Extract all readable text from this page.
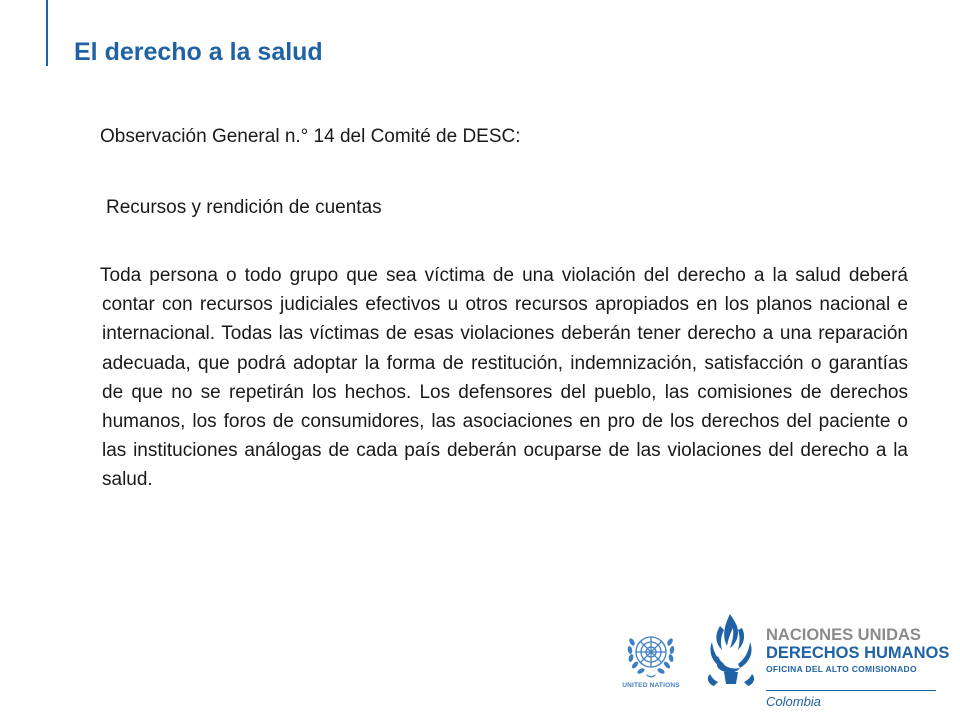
El derecho a la salud

Observación General n.° 14 del Comité de DESC:

Recursos y rendición de cuentas

Toda persona o todo grupo que sea víctima de una violación del derecho a la salud deberá contar con recursos judiciales efectivos u otros recursos apropiados en los planos nacional e internacional. Todas las víctimas de esas violaciones deberán tener derecho a una reparación adecuada, que podrá adoptar la forma de restitución, indemnización, satisfacción o garantías de que no se repetirán los hechos. Los defensores del pueblo, las comisiones de derechos humanos, los foros de consumidores, las asociaciones en pro de los derechos del paciente o las instituciones análogas de cada país deberán ocuparse de las violaciones del derecho a la salud.

UNITED NATIONS
NACIONES UNIDAS
DERECHOS HUMANOS
OFICINA DEL ALTO COMISIONADO
Colombia
